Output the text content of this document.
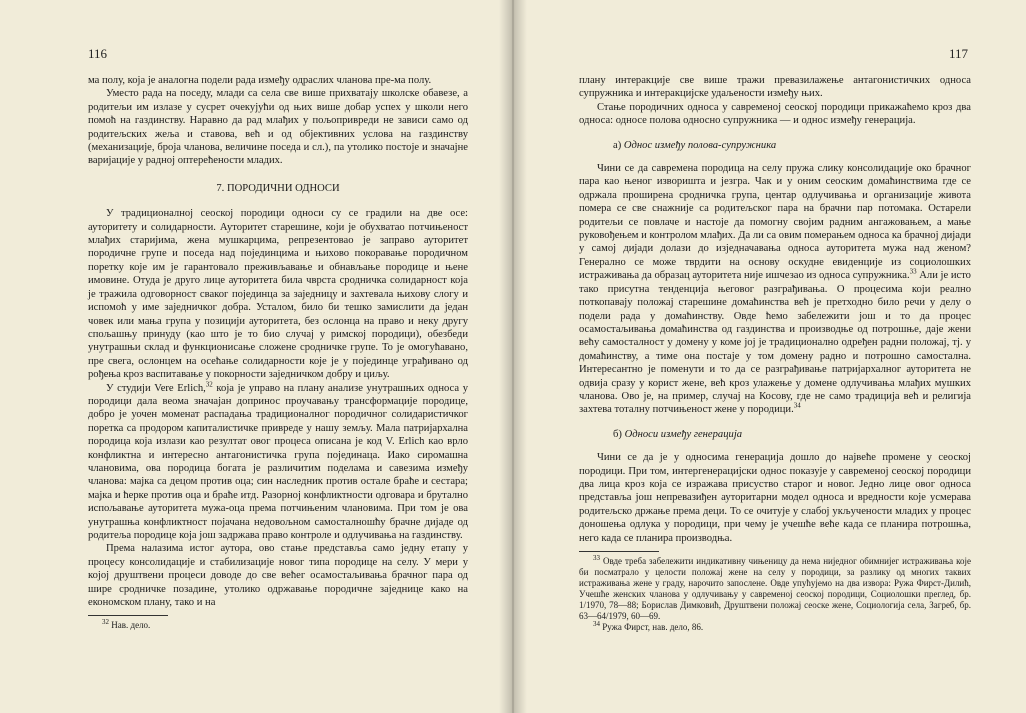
116

ма полу, која је аналогна подели рада између одраслих чланова пре-ма полу.

Уместо рада на поседу, млади са села све више прихватају школске обавезе, а родитељи им излазе у сусрет очекујући од њих више добар успех у школи него помоћ на газдинству. Наравно да рад млађих у пољопривреди не зависи само од родитељских жеља и ставова, већ и од објективних услова на газдинству (механизације, броја чланова, величине поседа и сл.), па утолико постоје и значајне варијације у радној оптерећености младих.

7. ПОРОДИЧНИ ОДНОСИ

У традиционалној сеоској породици односи су се градили на две осе: ауторитету и солидарности. Ауторитет старешине, који је обухватао потчињеност млађих старијима, жена мушкарцима, репрезентовао је заправо ауторитет породичне групе и поседа над појединцима и њихово покоравање породичном поретку које им је гарантовало преживљавање и обнављање породице и њене имовине. Отуда је друго лице ауторитета била чврста сродничка солидарност која је тражила одговорност сваког појединца за заједницу и захтевала њихову слогу и испомоћ у име заједничког добра. Усталом, било би тешко замислити да један човек или мања група у позицији ауторитета, без ослонца на право и неку другу спољашњу принуду (као што је то био случај у римској породици), обезбеди унутрашњи склад и функционисање сложене сродничке групе. То је омогућавано, пре свега, ослонцем на осећање солидарности које је у појединце уграђивано од рођења кроз васпитавање у покорности заједничком добру и циљу.

У студији Vere Erlich,$^{32}$ која је управо на плану анализе унутрашњих односа у породици дала веома значајан допринос проучавању трансформације породице, добро је уочен моменат распадања традиционалног породичног солидаристичког поретка са продором капиталистичке привреде у нашу земљу. Мала патријархална породица која излази као резултат овог процеса описана је код V. Erlich као врло конфликтна и интересно антагонистичка група појединаца. Иако сиромашна члановима, ова породица богата је различитим поделама и савезима између чланова: мајка са децом против оца; син наследник против остале браће и сестара; мајка и ћерке против оца и браће итд. Разорној конфликтности одговара и брутално испољавање ауторитета мужа-оца према потчињеним члановима. При том је ова унутрашња конфликтност појачана недовољном самосталношћу брачне дијаде од родитеља породице која још задржава право контроле и одлучивања на газдинству.

Према налазима истог аутора, ово стање представља само једну етапу у процесу консолидације и стабилизације новог типа породице на селу. У мери у којој друштвени процеси доводе до све већег осамостаљивања брачног пара од шире сродничке позадине, утолико одржавање породичне заједнице како на економском плану, тако и на

$^{32}$ Нав. дело.

117

плану интеракције све више тражи превазилажење антагонистичких односа супружника и интеракцијске удаљености између њих.

Стање породичних односа у савременој сеоској породици прикажаћемо кроз два односа: односе полова односно супружника — и однос између генерација.

а) Однос између полова-супружника

Чини се да савремена породица на селу пружа слику консолидације око брачног пара као њеног изворишта и језгра. Чак и у оним сеоским домаћинствима где се одржала проширена сродничка група, центар одлучивања и организације живота померa се све снажније са родитељског пара на брачни пар потомака. Остарели родитељи се повлаче и настоје да помогну својим радним ангажовањем, а мање руковођењем и контролом млађих. Да ли са овим померањем односа ка брачној дијади у самој дијади долази до изједначавања односа ауторитета мужа над женом? Генерално се може тврдити на основу оскудне евиденције из социолошких истраживања да образац ауторитета није ишчезао из односа супружника.$^{33}$ Али је исто тако присутна тенденција његовог разграђивања. О процесима који реално поткопавају положај старешине домаћинства већ је претходно било речи у делу о подели рада у домаћинству. Овде ћемо забележити још и то да процес осамостаљивања домаћинства од газдинства и производње од потрошње, даје жени већу самосталност у домену у коме јој је традиционално одређен радни положај, тј. у домаћинству, а тиме она постаје у том домену радно и потрошно самостална. Интересантно је поменути и то да се разграђивање патријархалног ауторитета не одвија сразу у корист жене, већ кроз улажење у домене одлучивања млађих мушких чланова. Ово је, на пример, случај на Косову, где не само традиција већ и религија захтева тоталну потчињеност жене у породици.$^{34}$

б) Односи између генерација

Чини се да је у односима генерација дошло до највеће промене у сеоској породици. При том, интергенерацијски однос показује у савременој сеоској породици два лица кроз која се изражава присуство старог и новог. Једно лице овог односа представља још непревазиђен ауторитарни модел односа и вредности које усмерава родитељско држање према деци. То се очитује у слабој укључености младих у процес доношења одлука у породици, при чему је учешће веће када се планира потрошња, него када се планира производња.

$^{33}$ Овде треба забележити индикативну чињеницу да нема ниједног обимнијег истраживања које би посматрало у целости положај жене на селу у породици, за разлику од многих таквих истраживања жене у граду, нарочито запослене. Овде упућујемо на два извора: Ружа Фирст-Дилић, Учешће женских чланова у одлучивању у савременој сеоској породици, Социолошки преглед, бр. 1/1970, 78—88; Борислав Димковић, Друштвени положај сеоске жене, Социологија села, Загреб, бр. 63—64/1979, 60—69.

$^{34}$ Ружа Фирст, нав. дело, 86.
